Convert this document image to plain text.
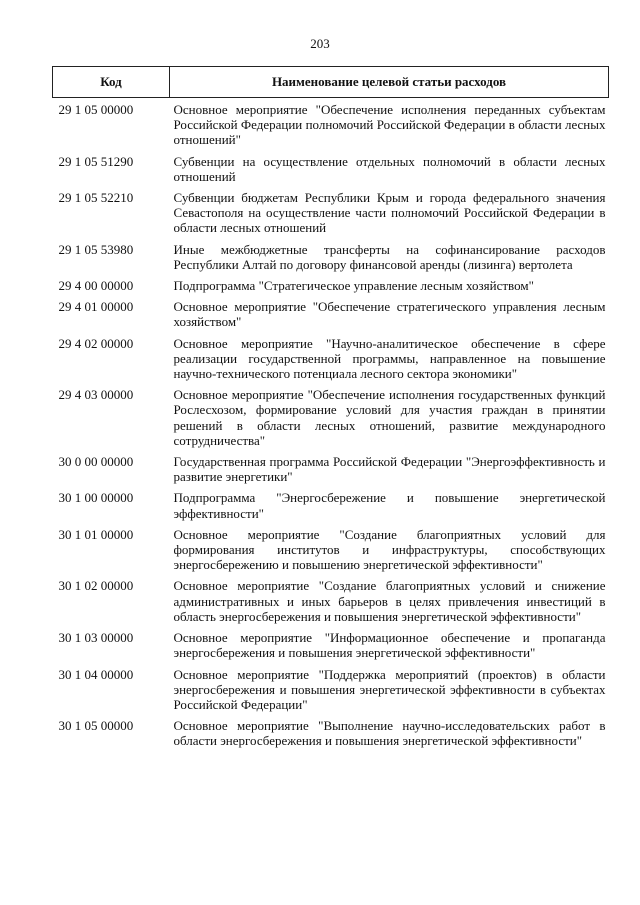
203
Код	Наименование целевой статьи расходов
29 1 05 00000	Основное мероприятие "Обеспечение исполнения переданных субъектам Российской Федерации полномочий Российской Федерации в области лесных отношений"
29 1 05 51290	Субвенции на осуществление отдельных полномочий в области лесных отношений
29 1 05 52210	Субвенции бюджетам Республики Крым и города федерального значения Севастополя на осуществление части полномочий Российской Федерации в области лесных отношений
29 1 05 53980	Иные межбюджетные трансферты на софинансирование расходов Республики Алтай по договору финансовой аренды (лизинга) вертолета
29 4 00 00000	Подпрограмма "Стратегическое управление лесным хозяйством"
29 4 01 00000	Основное мероприятие "Обеспечение стратегического управления лесным хозяйством"
29 4 02 00000	Основное мероприятие "Научно-аналитическое обеспечение в сфере реализации государственной программы, направленное на повышение научно-технического потенциала лесного сектора экономики"
29 4 03 00000	Основное мероприятие "Обеспечение исполнения государственных функций Рослесхозом, формирование условий для участия граждан в принятии решений в области лесных отношений, развитие международного сотрудничества"
30 0 00 00000	Государственная программа Российской Федерации "Энергоэффективность и развитие энергетики"
30 1 00 00000	Подпрограмма "Энергосбережение и повышение энергетической эффективности"
30 1 01 00000	Основное мероприятие "Создание благоприятных условий для формирования институтов и инфраструктуры, способствующих энергосбережению и повышению энергетической эффективности"
30 1 02 00000	Основное мероприятие "Создание благоприятных условий и снижение административных и иных барьеров в целях привлечения инвестиций в область энергосбережения и повышения энергетической эффективности"
30 1 03 00000	Основное мероприятие "Информационное обеспечение и пропаганда энергосбережения и повышения энергетической эффективности"
30 1 04 00000	Основное мероприятие "Поддержка мероприятий (проектов) в области энергосбережения и повышения энергетической эффективности в субъектах Российской Федерации"
30 1 05 00000	Основное мероприятие "Выполнение научно-исследовательских работ в области энергосбережения и повышения энергетической эффективности"
